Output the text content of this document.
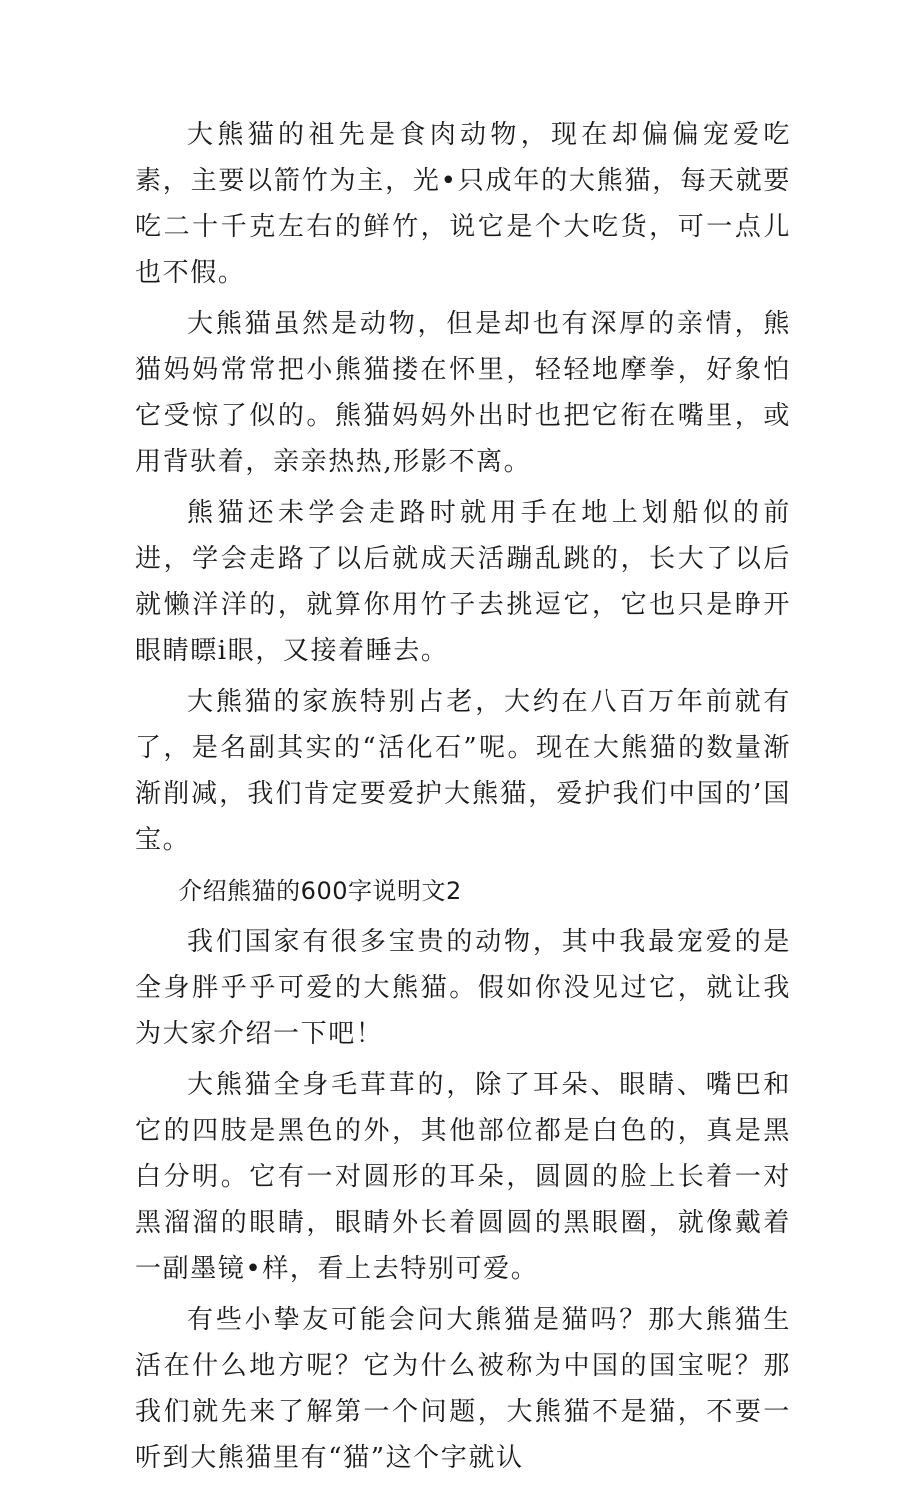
大熊猫的祖先是食肉动物，现在却偏偏宠爱吃素，主要以箭竹为主，光•只成年的大熊猫，每天就要吃二十千克左右的鲜竹，说它是个大吃货，可一点儿也不假。

大熊猫虽然是动物，但是却也有深厚的亲情，熊猫妈妈常常把小熊猫搂在怀里，轻轻地摩拳，好象怕它受惊了似的。熊猫妈妈外出时也把它衔在嘴里，或用背驮着，亲亲热热,形影不离。

熊猫还未学会走路时就用手在地上划船似的前进，学会走路了以后就成天活蹦乱跳的，长大了以后就懒洋洋的，就算你用竹子去挑逗它，它也只是睁开眼睛瞟i眼，又接着睡去。

大熊猫的家族特别占老，大约在八百万年前就有了，是名副其实的“活化石”呢。现在大熊猫的数量渐渐削减，我们肯定要爱护大熊猫，爱护我们中国的’国宝。

介绍熊猫的600字说明文2

我们国家有很多宝贵的动物，其中我最宠爱的是全身胖乎乎可爱的大熊猫。假如你没见过它，就让我为大家介绍一下吧！

大熊猫全身毛茸茸的，除了耳朵、眼睛、嘴巴和它的四肢是黑色的外，其他部位都是白色的，真是黑白分明。它有一对圆形的耳朵，圆圆的脸上长着一对黑溜溜的眼睛，眼睛外长着圆圆的黑眼圈，就像戴着一副墨镜•样，看上去特别可爱。

有些小挚友可能会问大熊猫是猫吗？那大熊猫生活在什么地方呢？它为什么被称为中国的国宝呢？那我们就先来了解第一个问题，大熊猫不是猫，不要一听到大熊猫里有“猫”这个字就认
